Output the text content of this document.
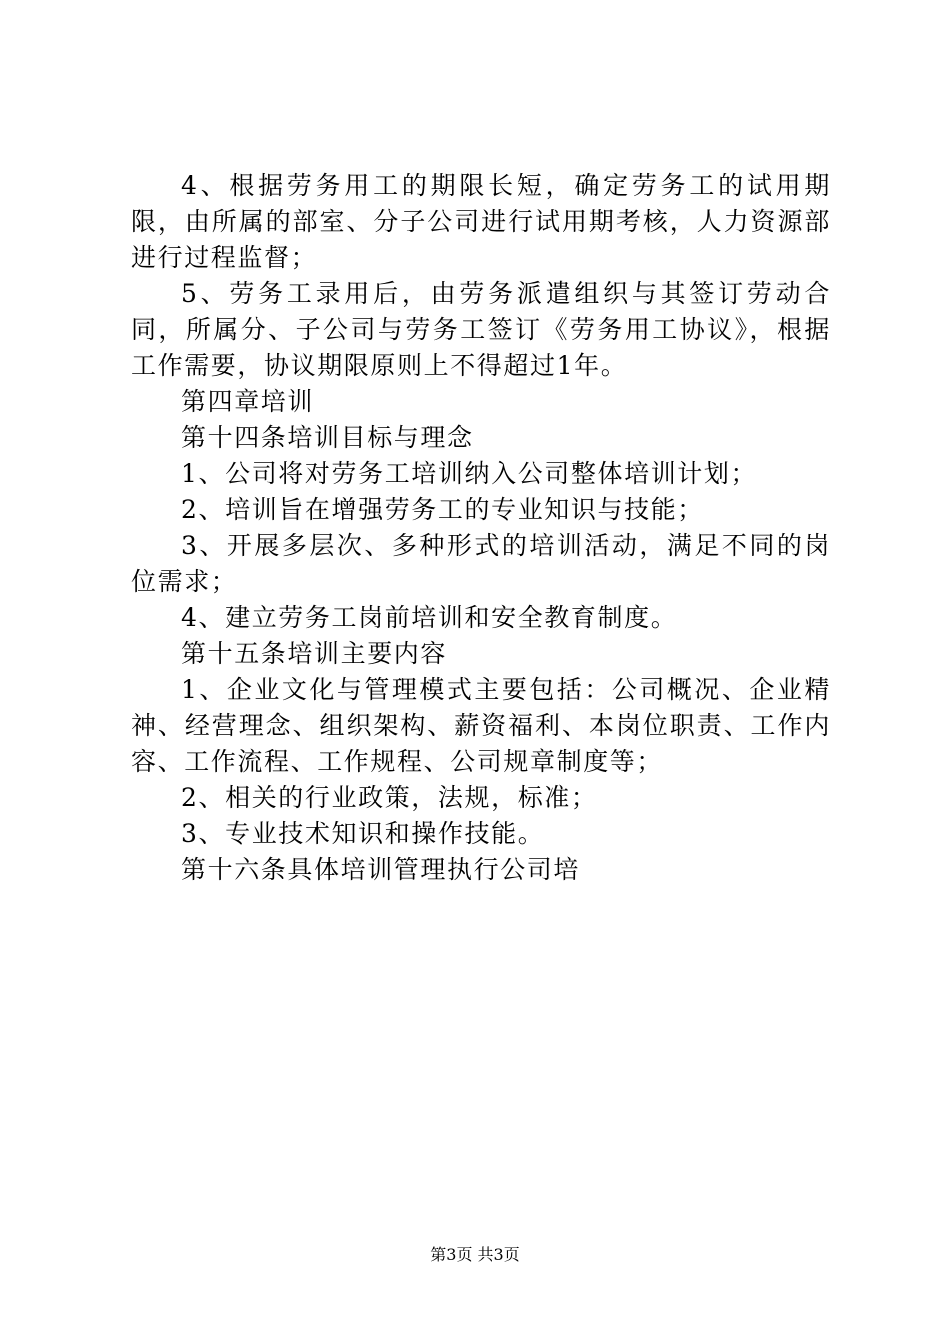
4、根据劳务用工的期限长短，确定劳务工的试用期限，由所属的部室、分子公司进行试用期考核，人力资源部进行过程监督；

5、劳务工录用后，由劳务派遣组织与其签订劳动合同，所属分、子公司与劳务工签订《劳务用工协议》，根据工作需要，协议期限原则上不得超过1年。

第四章培训

第十四条培训目标与理念

1、公司将对劳务工培训纳入公司整体培训计划；

2、培训旨在增强劳务工的专业知识与技能；

3、开展多层次、多种形式的培训活动，满足不同的岗位需求；

4、建立劳务工岗前培训和安全教育制度。

第十五条培训主要内容

1、企业文化与管理模式主要包括：公司概况、企业精神、经营理念、组织架构、薪资福利、本岗位职责、工作内容、工作流程、工作规程、公司规章制度等；

2、相关的行业政策，法规，标准；

3、专业技术知识和操作技能。

第十六条具体培训管理执行公司培

第3页 共3页
